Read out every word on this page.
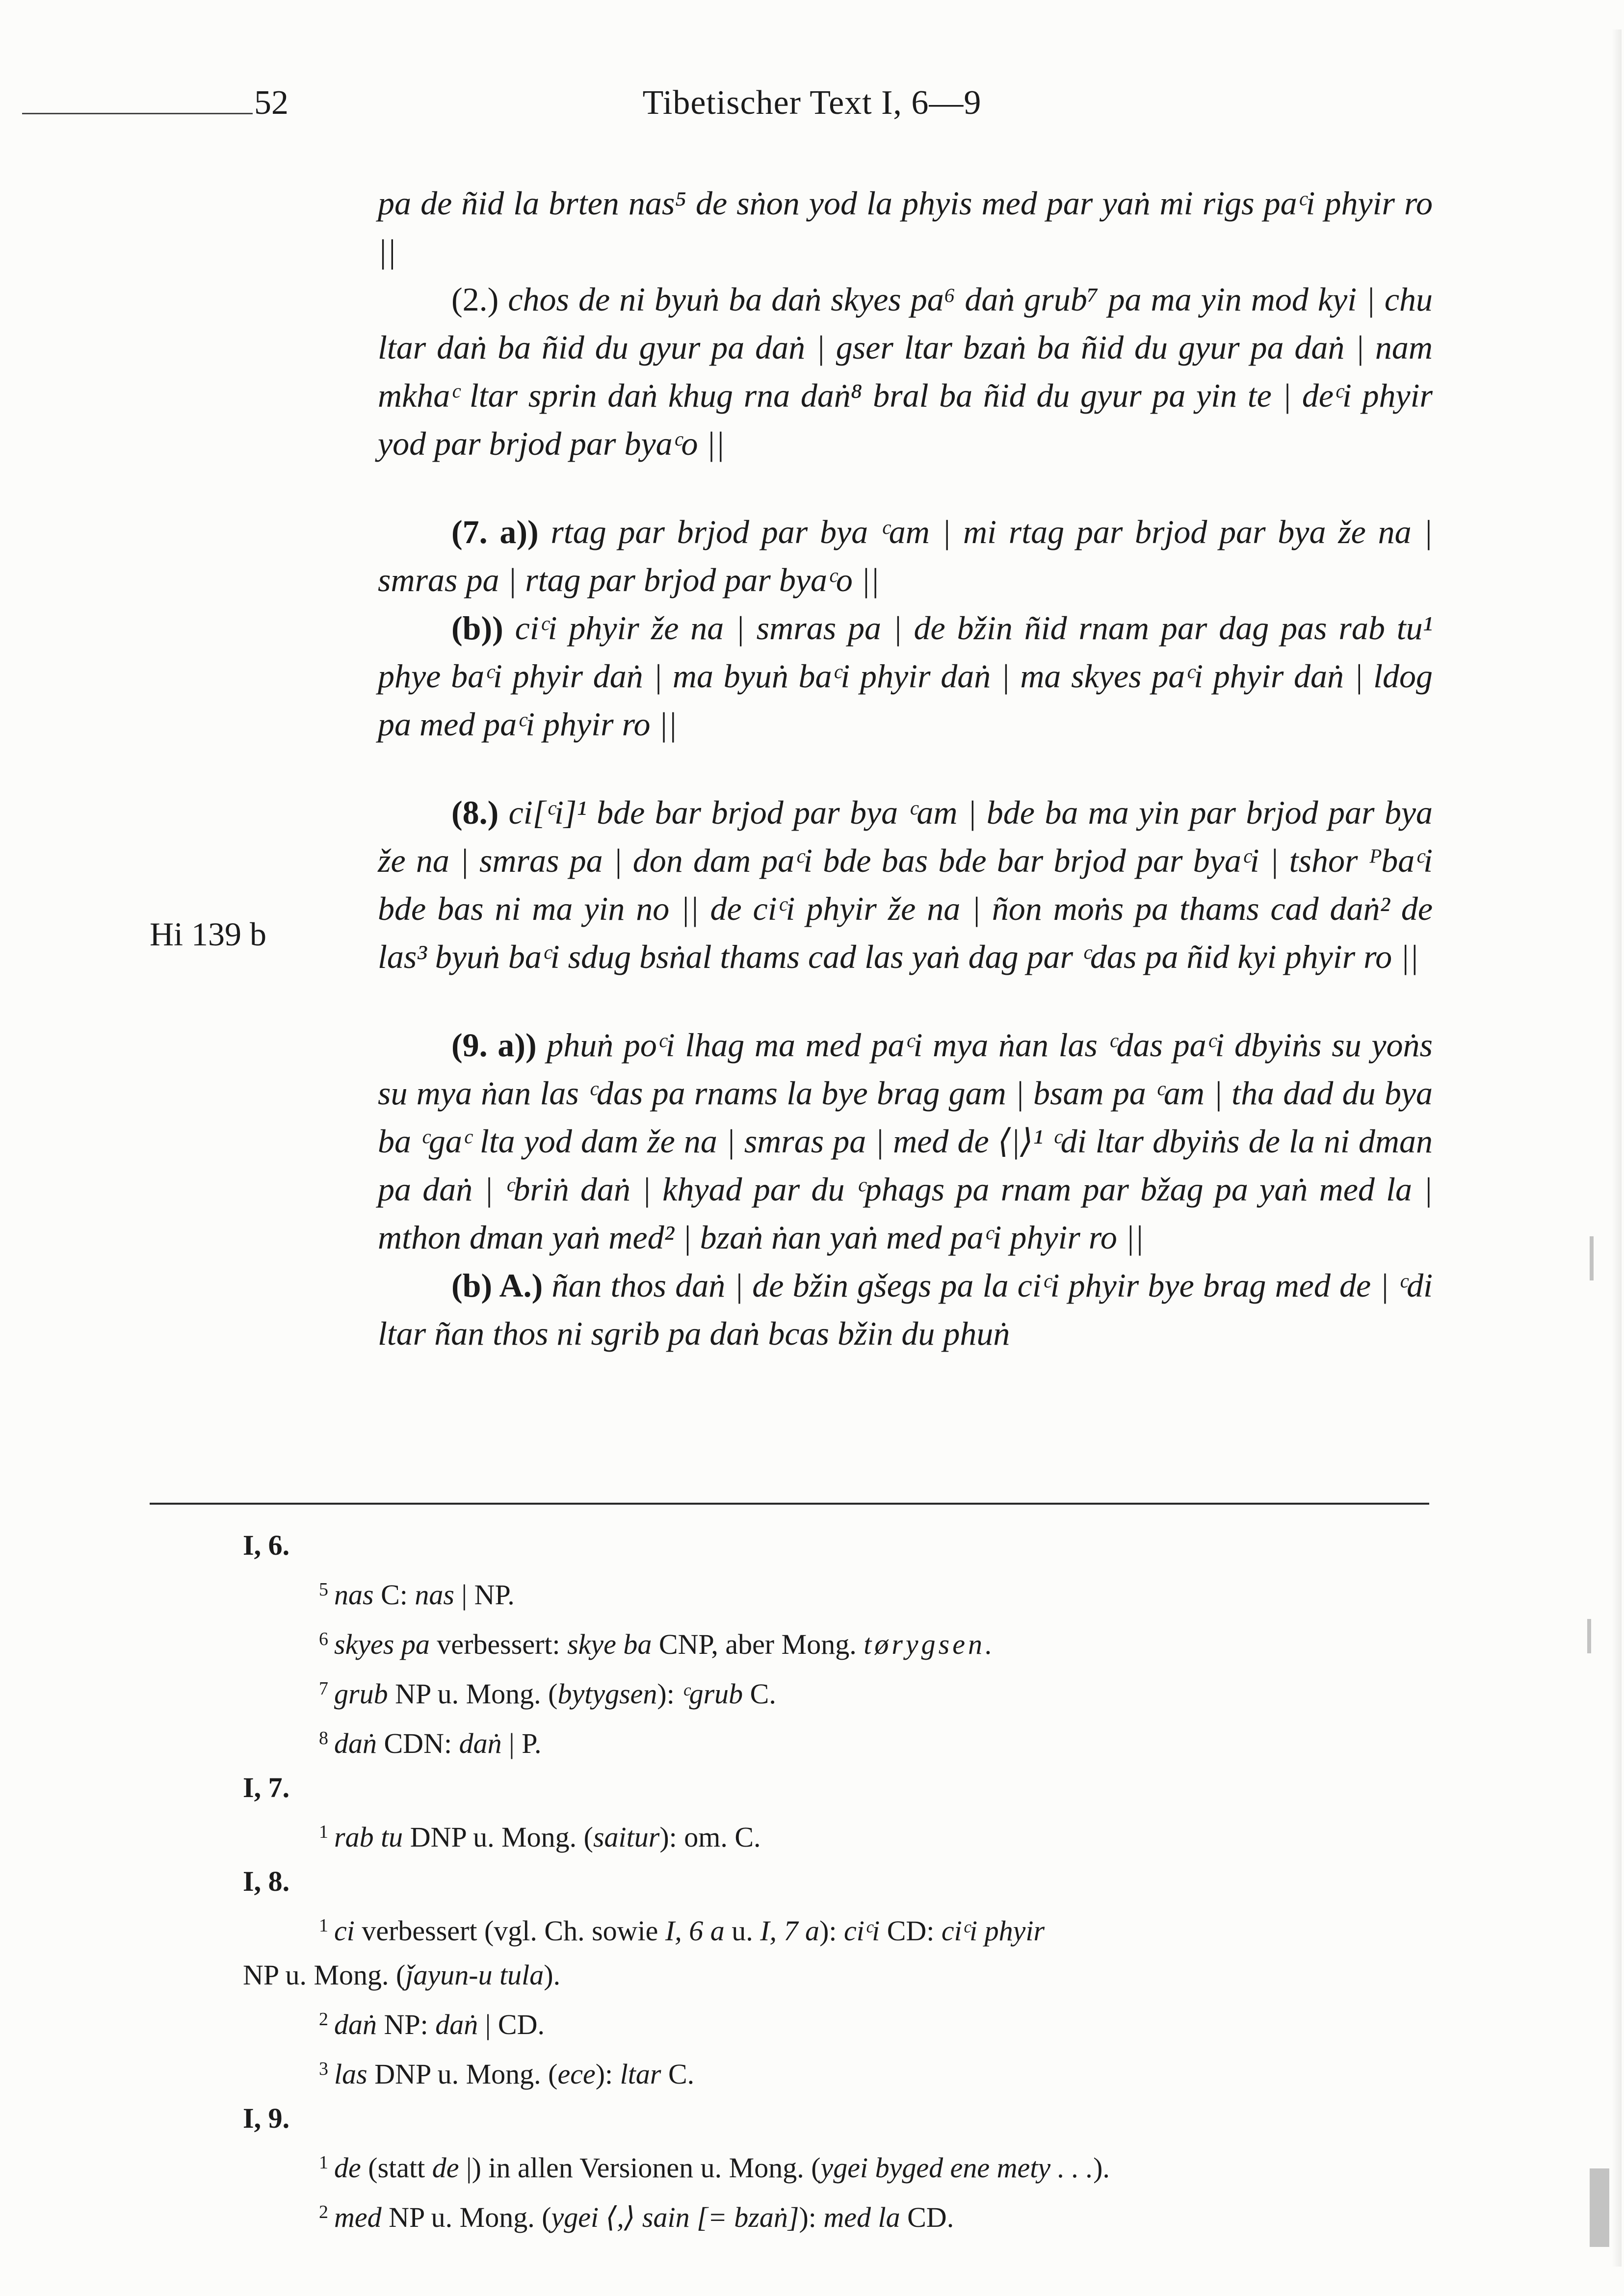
52	Tibetischer Text I, 6—9
Hi 139 b

pa de ñid la brten nas⁵ de sṅon yod la phyis med par yaṅ mi rigs paᶜi phyir ro ||

(2.) chos de ni byuṅ ba daṅ skyes pa⁶ daṅ grub⁷ pa ma yin mod kyi | chu ltar daṅ ba ñid du gyur pa daṅ | gser ltar bzaṅ ba ñid du gyur pa daṅ | nam mkhaᶜ ltar sprin daṅ khug rna daṅ⁸ bral ba ñid du gyur pa yin te | deᶜi phyir yod par brjod par byaᶜo ||

(7. a)) rtag par brjod par bya ᶜam | mi rtag par brjod par bya že na | smras pa | rtag par brjod par byaᶜo ||

(b)) ciᶜi phyir že na | smras pa | de bžin ñid rnam par dag pas rab tu¹ phye baᶜi phyir daṅ | ma byuṅ baᶜi phyir daṅ | ma skyes paᶜi phyir daṅ | ldog pa med paᶜi phyir ro ||

(8.) ci[ᶜi]¹ bde bar brjod par bya ᶜam | bde ba ma yin par brjod par bya že na | smras pa | don dam paᶜi bde bas bde bar brjod par byaᶜi | tshor ᴾbaᶜi bde bas ni ma yin no || de ciᶜi phyir že na | ñon moṅs pa thams cad daṅ² de las³ byuṅ baᶜi sdug bsṅal thams cad las yaṅ dag par ᶜdas pa ñid kyi phyir ro ||

(9. a)) phuṅ poᶜi lhag ma med paᶜi mya ṅan las ᶜdas paᶜi dbyiṅs su yoṅs su mya ṅan las ᶜdas pa rnams la bye brag gam | bsam pa ᶜam | tha dad du bya ba ᶜgaᶜ lta yod dam že na | smras pa | med de ⟨|⟩¹ ᶜdi ltar dbyiṅs de la ni dman pa daṅ | ᶜbriṅ daṅ | khyad par du ᶜphags pa rnam par bžag pa yaṅ med la | mthon dman yaṅ med² | bzaṅ ṅan yaṅ med paᶜi phyir ro ||

(b) A.) ñan thos daṅ | de bžin gšegs pa la ciᶜi phyir bye brag med de | ᶜdi ltar ñan thos ni sgrib pa daṅ bcas bžin du phuṅ

I, 6.
$^5$ nas C: nas | NP.
$^6$ skyes pa verbessert: skye ba CNP, aber Mong. tørygsen.
$^7$ grub NP u. Mong. (bytygsen): ᶜgrub C.
$^8$ daṅ CDN: daṅ | P.
I, 7.
$^1$ rab tu DNP u. Mong. (saitur): om. C.
I, 8.
$^1$ ci verbessert (vgl. Ch. sowie I, 6 a u. I, 7 a): ciᶜi CD: ciᶜi phyir
NP u. Mong. (ǰayun-u tula).
$^2$ daṅ NP: daṅ | CD.
$^3$ las DNP u. Mong. (ece): ltar C.
I, 9.
$^1$ de (statt de |) in allen Versionen u. Mong. (ygei byged ene mety . . .).
$^2$ med NP u. Mong. (ygei ⟨,⟩ sain [= bzaṅ]): med la CD.
